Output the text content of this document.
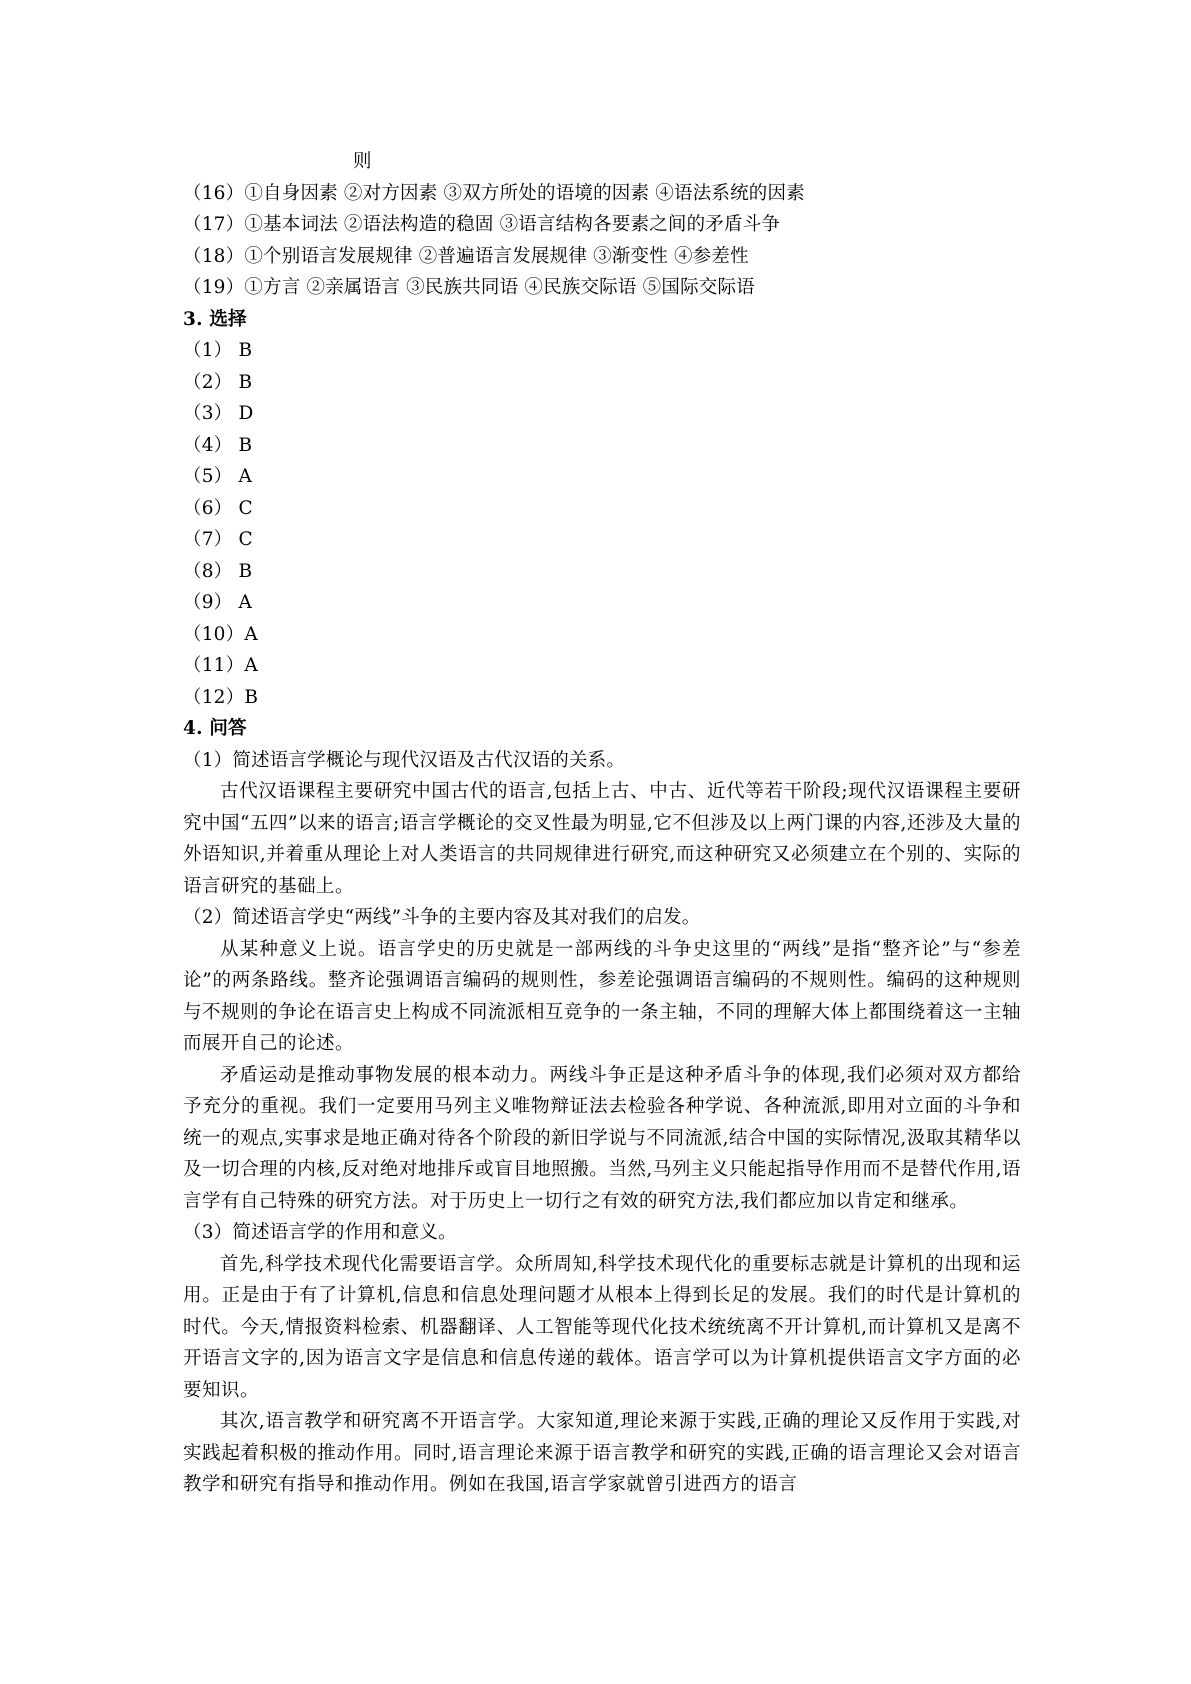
则
（16）①自身因素 ②对方因素 ③双方所处的语境的因素 ④语法系统的因素
（17）①基本词法 ②语法构造的稳固 ③语言结构各要素之间的矛盾斗争
（18）①个别语言发展规律 ②普遍语言发展规律 ③渐变性 ④参差性
（19）①方言 ②亲属语言 ③民族共同语 ④民族交际语 ⑤国际交际语
3. 选择
（1） B
（2） B
（3） D
（4） B
（5） A
（6） C
（7） C
（8） B
（9） A
（10）A
（11）A
（12）B
4. 问答
（1）简述语言学概论与现代汉语及古代汉语的关系。

古代汉语课程主要研究中国古代的语言,包括上古、中古、近代等若干阶段;现代汉语课程主要研究中国“五四”以来的语言;语言学概论的交叉性最为明显,它不但涉及以上两门课的内容,还涉及大量的外语知识,并着重从理论上对人类语言的共同规律进行研究,而这种研究又必须建立在个别的、实际的语言研究的基础上。

（2）简述语言学史“两线”斗争的主要内容及其对我们的启发。

从某种意义上说。语言学史的历史就是一部两线的斗争史这里的“两线”是指“整齐论”与“参差论”的两条路线。整齐论强调语言编码的规则性，参差论强调语言编码的不规则性。编码的这种规则与不规则的争论在语言史上构成不同流派相互竞争的一条主轴，不同的理解大体上都围绕着这一主轴而展开自己的论述。

矛盾运动是推动事物发展的根本动力。两线斗争正是这种矛盾斗争的体现,我们必须对双方都给予充分的重视。我们一定要用马列主义唯物辩证法去检验各种学说、各种流派,即用对立面的斗争和统一的观点,实事求是地正确对待各个阶段的新旧学说与不同流派,结合中国的实际情况,汲取其精华以及一切合理的内核,反对绝对地排斥或盲目地照搬。当然,马列主义只能起指导作用而不是替代作用,语言学有自己特殊的研究方法。对于历史上一切行之有效的研究方法,我们都应加以肯定和继承。

（3）简述语言学的作用和意义。

首先,科学技术现代化需要语言学。众所周知,科学技术现代化的重要标志就是计算机的出现和运用。正是由于有了计算机,信息和信息处理问题才从根本上得到长足的发展。我们的时代是计算机的时代。今天,情报资料检索、机器翻译、人工智能等现代化技术统统离不开计算机,而计算机又是离不开语言文字的,因为语言文字是信息和信息传递的载体。语言学可以为计算机提供语言文字方面的必要知识。

其次,语言教学和研究离不开语言学。大家知道,理论来源于实践,正确的理论又反作用于实践,对实践起着积极的推动作用。同时,语言理论来源于语言教学和研究的实践,正确的语言理论又会对语言教学和研究有指导和推动作用。例如在我国,语言学家就曾引进西方的语言
